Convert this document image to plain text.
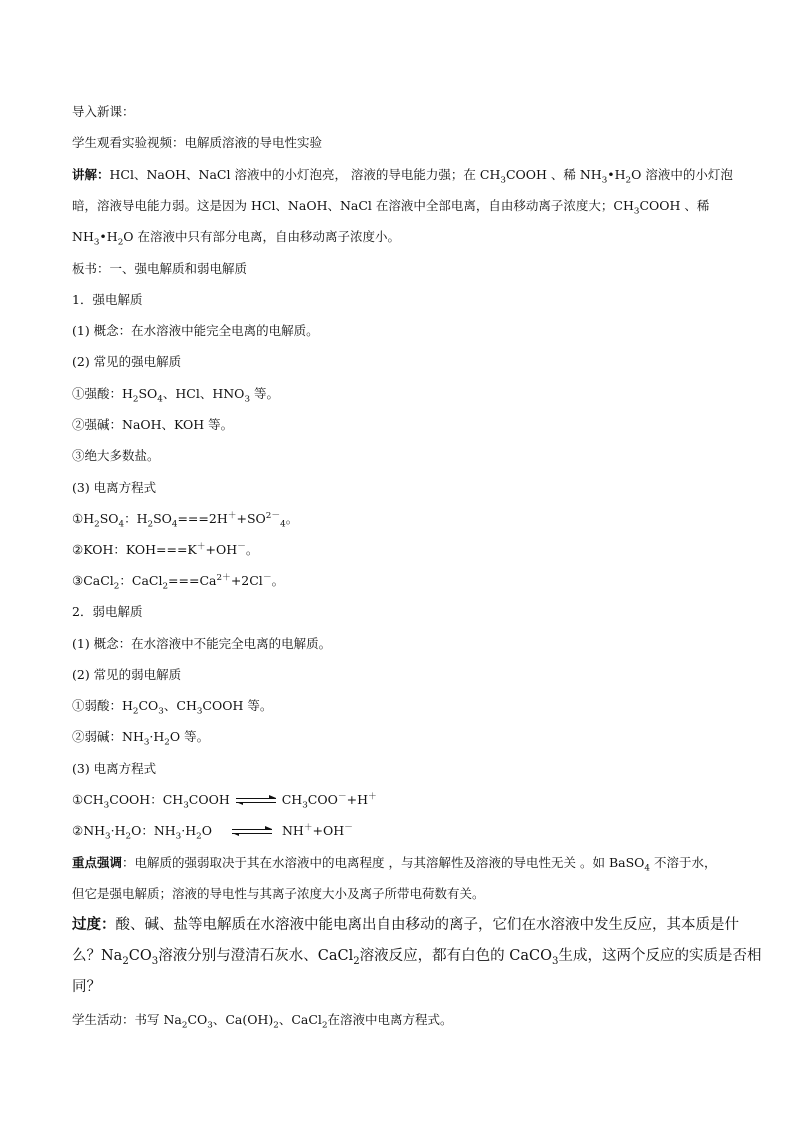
导入新课：
学生观看实验视频：电解质溶液的导电性实验
讲解：HCl、NaOH、NaCl 溶液中的小灯泡亮， 溶液的导电能力强；在 $CH_3COOH$ 、稀 $NH_3•H_2O$ 溶液中的小灯泡
暗，溶液导电能力弱。这是因为 HCl、NaOH、NaCl 在溶液中全部电离，自由移动离子浓度大；$CH_3COOH$ 、稀
$NH_3•H_2O$ 在溶液中只有部分电离，自由移动离子浓度小。
板书：一、强电解质和弱电解质
1．强电解质
(1) 概念：在水溶液中能完全电离的电解质。
(2) 常见的强电解质
①强酸：$H_2SO_4$、HCl、$HNO_3$ 等。
②强碱：NaOH、KOH 等。
③绝大多数盐。
(3) 电离方程式
$①H_2SO_4$：$H_2SO_4===2H^++SO^{2-}_4$。
②KOH：KOH===K＋+OH－。
③CaCl$_2$：$CaCl_2===Ca^{2+}+2Cl^-$。
2．弱电解质
(1) 概念：在水溶液中不能完全电离的电解质。
(2) 常见的弱电解质
①弱酸：$H_2CO_3$、$CH_3COOH$ 等。
②弱碱：$NH_3\cdot H_2O$ 等。
(3) 电离方程式
$①CH_3COOH$：$CH_3COOH$ ⇌ $CH_3COO^-+H^+$
$②NH_3\cdot H_2O$：$NH_3\cdot H_2O$ ⇌ NH＋+OH－
重点强调：电解质的强弱取决于其在水溶液中的电离程度 ，与其溶解性及溶液的导电性无关 。如 BaSO$_4$ 不溶于水，
但它是强电解质；溶液的导电性与其离子浓度大小及离子所带电荷数有关。
过度：酸、碱、盐等电解质在水溶液中能电离出自由移动的离子，它们在水溶液中发生反应，其本质是什
么？$Na_2CO_3$溶液分别与澄清石灰水、CaCl$_2$溶液反应，都有白色的 CaCO$_3$生成，这两个反应的实质是否相
同？
学生活动：书写 $Na_2CO_3$、$Ca(OH)_2$、CaCl$_2$在溶液中电离方程式。
